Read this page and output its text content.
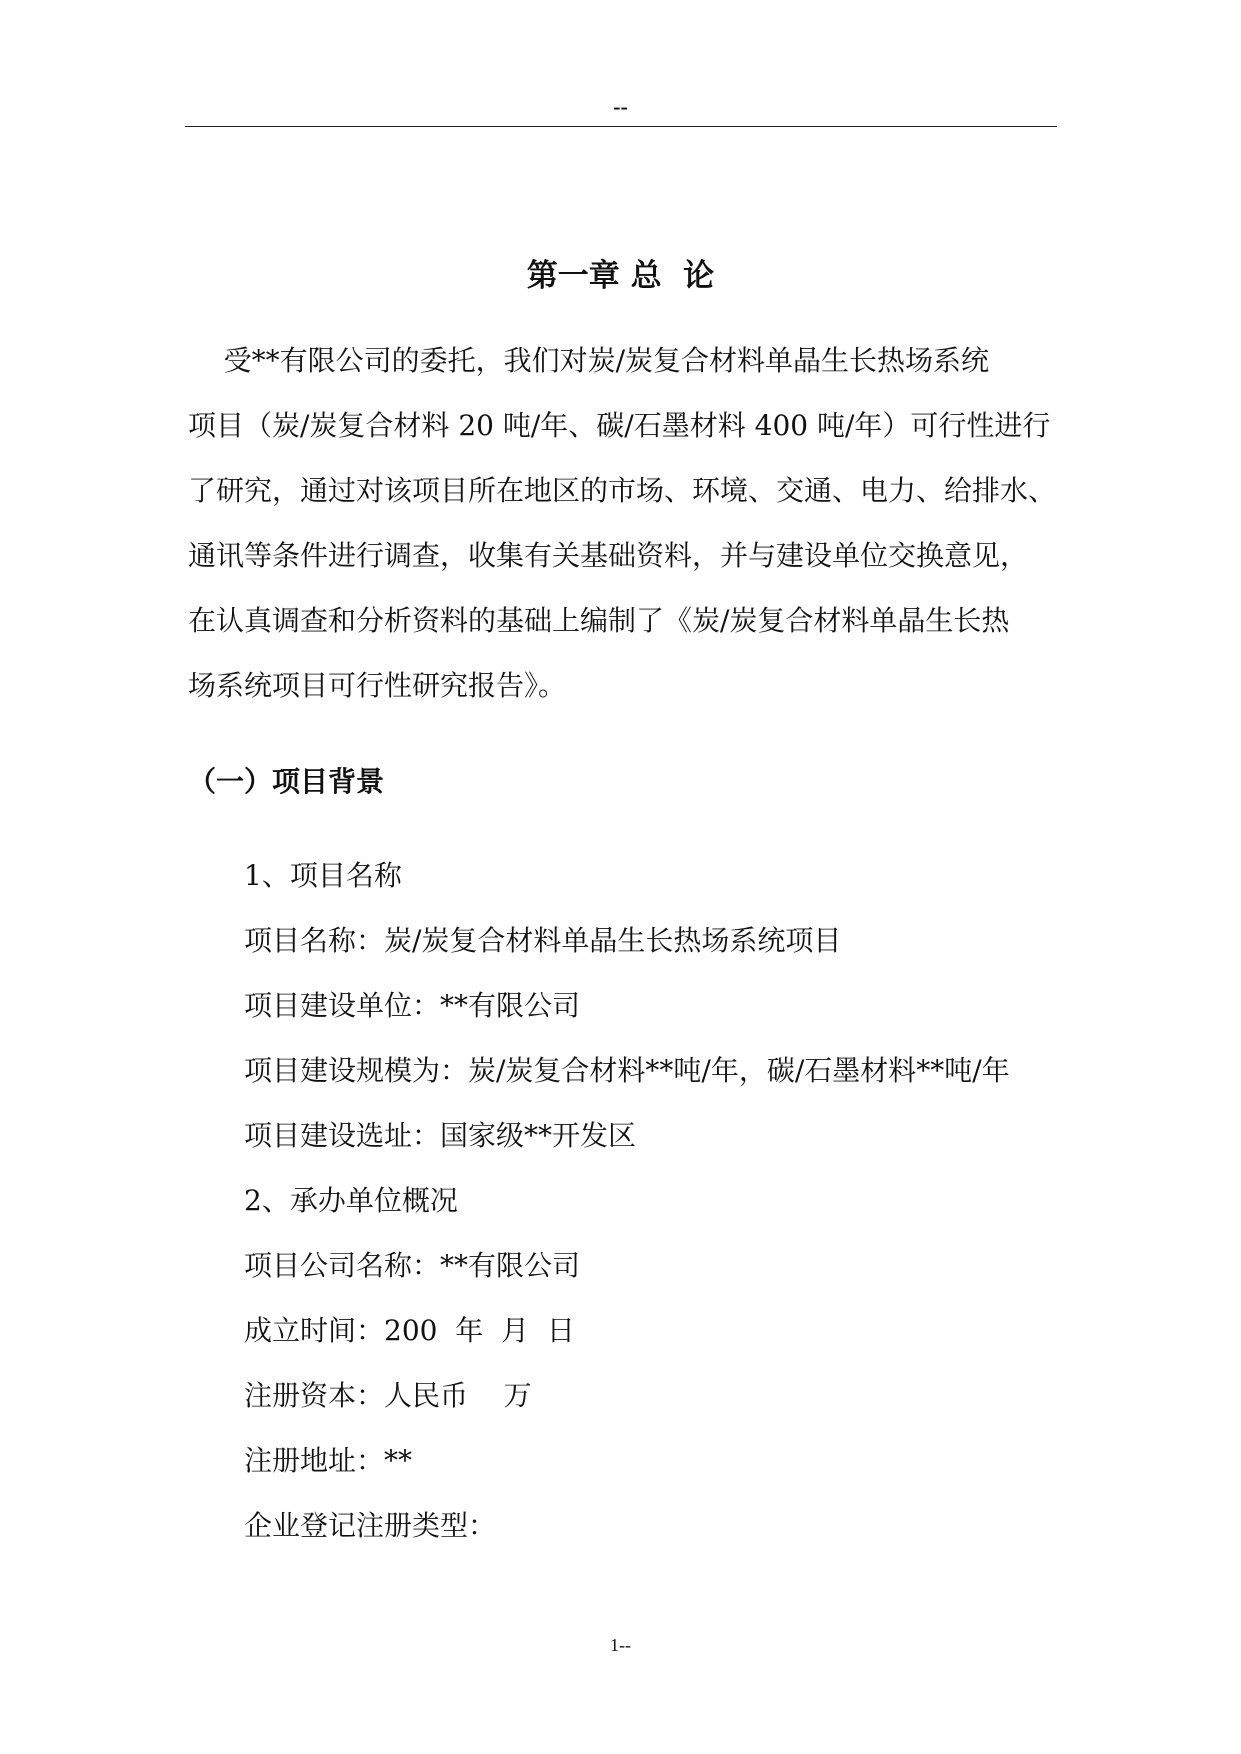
--
第一章 总  论
受**有限公司的委托，我们对炭/炭复合材料单晶生长热场系统
项目（炭/炭复合材料 20 吨/年、碳/石墨材料 400 吨/年）可行性进行
了研究，通过对该项目所在地区的市场、环境、交通、电力、给排水、
通讯等条件进行调查，收集有关基础资料，并与建设单位交换意见，
在认真调查和分析资料的基础上编制了《炭/炭复合材料单晶生长热
场系统项目可行性研究报告》。
（一）项目背景
1、项目名称
项目名称：炭/炭复合材料单晶生长热场系统项目
项目建设单位：**有限公司
项目建设规模为：炭/炭复合材料**吨/年，碳/石墨材料**吨/年
项目建设选址：国家级**开发区
2、承办单位概况
项目公司名称：**有限公司
成立时间：200  年  月  日
注册资本：人民币    万
注册地址：**
企业登记注册类型：
1--
